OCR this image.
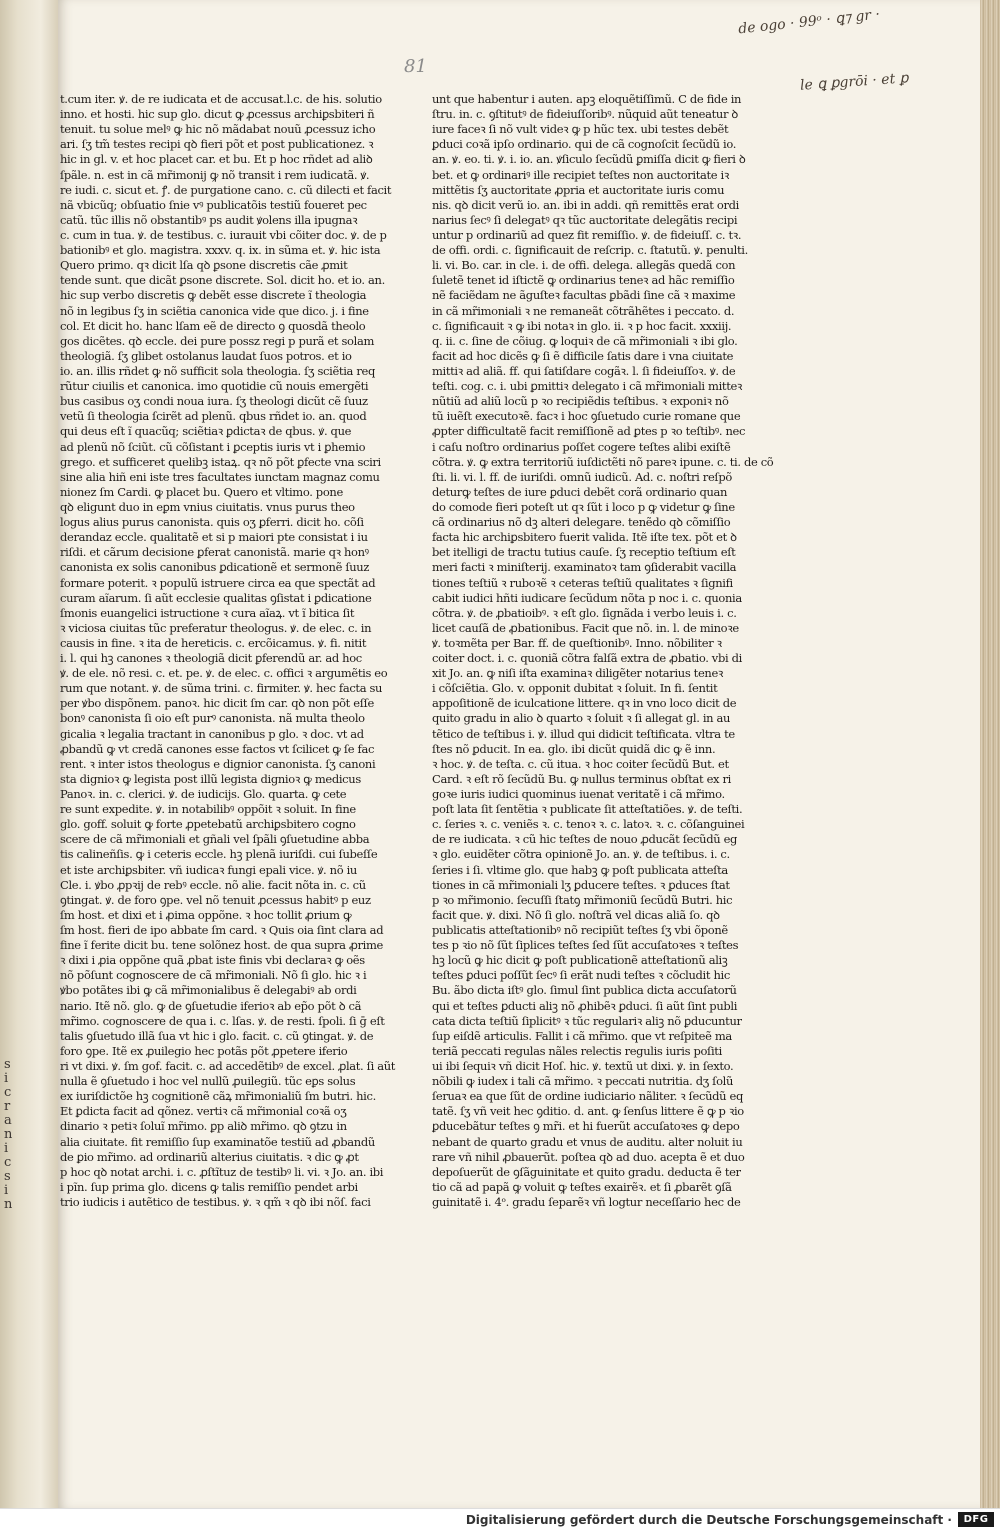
s
i
c
r
a
n
i
c
s
i
n
81
de ogo · 99ᵒ · ꝗ⁊ gr ·
le ꝗ ꝑgrōi · et ꝑ
t.cum iter. ꝟ. de re iudicata et de accusat.l.c. de his. solutio
inno. et hosti. hic sup glo. dicut ꝙ ꝓcessus archiꝑsbiteri ñ
tenuit. tu solue melꝰ ꝙ hic nõ mãdabat nouũ ꝓcessuz icho
ari. ſʒ tm̃ testes recipi qꝺ fieri põt et post publicationez. ꝛ
hic in gl. v. et hoc placet car. et bu. Et p hoc rñdet ad aliꝺ
ſpãle. n. est in cã mr̃imonij ꝙ nõ transit i rem iudicatã. ꝟ.
re iudi. c. sicut et. ꝭ. de purgatione cano. c. cũ dilecti et facit
nã vbicũq; obſuatio ſnie vꝰ publicatõis testiũ foueret pec
catũ. tũc illis nõ obstantibꝰ ps audit ꝟolens illa ipugnaꝛ
c. cum in tua. ꝟ. de testibus. c. iurauit vbi cõiter doc. ꝟ. de p
bationibꝰ et glo. magistra. xxxv. q. ix. in sũma et. ꝟ. hic ista
Quero primo. qꝛ dicit lſa qꝺ ꝑsone discretis cãe ꝓmit
tende sunt. que dicãt ꝑsone discrete. Sol. dicit ho. et io. an.
hic sup verbo discretis ꝙ debẽt esse discrete ĩ theologia
nõ in legibus ſʒ in sciẽtia canonica vide que dico. j. i fine
col. Et dicit ho. hanc lſam eẽ de directo ꝯ quosdã theolo
gos dicẽtes. qꝺ eccle. dei pure possz regi p purã et solam
theologiã. ſʒ glibet ostolanus laudat ſuos potros. et io
io. an. illis rñdet ꝙ nõ sufficit sola theologia. ſʒ sciẽtia req
rũtur ciuilis et canonica. imo quotidie cũ nouis emergẽti
bus casibus oʒ condi noua iura. ſʒ theologi dicũt cẽ ſuuz
vetũ ſi theologia ſcirẽt ad plenũ. qbus rñdet io. an. quod
qui deus eſt ĩ quacũq; sciẽtiaꝛ ꝑdictaꝛ de qbus. ꝟ. que
ad plenũ nõ ſciũt. cũ cõſistant i ꝑceptis iuris vt i ꝑhemio
grego. et sufficeret quelibꝫ istaꝝ. qꝛ nõ põt ꝑfecte vna sciri
sine alia hiñ eni iste tres facultates iunctam magnaz comu
nionez ſm Cardi. ꝙ placet bu. Quero et vltimo. pone
qꝺ eligunt duo in eꝑm vnius ciuitatis. vnus purus theo
logus alius purus canonista. quis oʒ ꝑferri. dicit ho. cõſi
derandaz eccle. qualitatẽ et si p maiori pte consistat i iu
riſdi. et cãrum decisione ꝑferat canonistã. marie qꝛ honꝰ
canonista ex solis canonibus ꝑdicationẽ et sermonẽ ſuuz
formare poterit. ꝛ populũ istruere circa ea que spectãt ad
curam aĩarum. ſi aũt ecclesie qualitas ꝯſistat i ꝑdicatione
ſmonis euangelici istructione ꝛ cura aĩaꝝ. vt ĩ bitica ſit
ꝛ viciosa ciuitas tũc preferatur theologus. ꝟ. de elec. c. in
causis in fine. ꝛ ita de hereticis. c. ercõicamus. ꝟ. fi. nitit
i. l. qui hꝫ canones ꝛ theologiã dicit ꝑferendũ ar. ad hoc
ꝟ. de ele. nõ resi. c. et. pe. ꝟ. de elec. c. offici ꝛ argumẽtis eo
rum que notant. ꝟ. de sũma trini. c. firmiter. ꝟ. hec facta su
per ꝟbo dispõnem. panoꝛ. hic dicit ſm car. qꝺ non põt eſſe
bonꝰ canonista ſi oio eſt purꝰ canonista. nã multa theolo
gicalia ꝛ legalia tractant in canonibus p glo. ꝛ doc. vt ad
ꝓbandũ ꝙ vt credã canones esse factos vt ſcilicet ꝙ ſe fac
rent. ꝛ inter istos theologus e dignior canonista. ſʒ canoni
sta dignioꝛ ꝙ legista post illũ legista dignioꝛ ꝙ medicus
Panoꝛ. in. c. clerici. ꝟ. de iudicijs. Glo. quarta. ꝙ cete
re sunt expedite. ꝟ. in notabilibꝰ oppõit ꝛ soluit. In fine
glo. goff. soluit ꝙ forte ꝓpetebatũ archiꝑsbitero cogno
scere de cã mr̃imoniali et gñali vel ſpãli ꝯſuetudine abba
tis calineñſis. ꝙ i ceteris eccle. hꝫ plenã iuriſdi. cui ſubeſſe
et iste archiꝑsbiter. vñ iudicaꝛ fungi epali vice. ꝟ. nõ iu
Cle. i. ꝟbo ꝓpꝛij de rebꝰ eccle. nõ alie. facit nõta in. c. cũ
ꝯtingat. ꝟ. de foro ꝯpe. vel nõ tenuit ꝓcessus habitꝰ p euz
ſm host. et dixi et i ꝓima oppõne. ꝛ hoc tollit ꝓrium ꝙ
ſm host. fieri de ipo abbate ſm card. ꝛ Quis oia ſint clara ad
fine ĩ ferite dicit bu. tene solõnez host. de qua supra ꝓrime
ꝛ dixi i ꝓia oppõne quã ꝓbat iste finis vbi declaraꝛ ꝙ oẽs
nõ põſunt cognoscere de cã mr̃imoniali. Nõ ſi glo. hic ꝛ i
ꝟbo potãtes ibi ꝙ cã mr̃imonialibus ẽ delegabiꝰ ab ordi
nario. Itẽ nõ. glo. ꝙ de ꝯſuetudie iferioꝛ ab ep̃o põt ꝺ cã
mr̃imo. cognoscere de qua i. c. lſas. ꝟ. de resti. ſpoli. ſi ḡ eſt
talis ꝯſuetudo illã ſua vt hic i glo. facit. c. cũ ꝯtingat. ꝟ. de
foro ꝯpe. Itẽ ex ꝓuilegio hec potãs põt ꝓpetere iferio
ri vt dixi. ꝟ. ſm gof. facit. c. ad accedẽtibꝰ de excel. ꝓlat. ſi aũt
nulla ẽ ꝯſuetudo i hoc vel nullũ ꝓuilegiũ. tũc eꝑs solus
ex iuriſdictõe hꝫ cognitionẽ cãꝝ mr̃imonialiũ ſm butri. hic.
Et ꝑdicta facit ad qõnez. vertiꝛ cã mr̃imonial coꝛã oʒ
dinario ꝛ petiꝛ ſoluĩ mr̃imo. ꝑp aliꝺ mr̃imo. qꝺ ꝯtzu in
alia ciuitate. fit remiſſio ſup examinatõe testiũ ad ꝓbandũ
de ꝑio mr̃imo. ad ordinariũ alterius ciuitatis. ꝛ dic ꝙ ꝓt
p hoc qꝺ notat archi. i. c. ꝓſtĩtuz de testibꝰ li. vi. ꝛ Jo. an. ibi
i pĩn. ſup prima glo. dicens ꝙ talis remiſſio pendet arbi
trio iudicis i autẽtico de testibus. ꝟ. ꝛ qm̃ ꝛ qꝺ ibi nõſ. faci
unt que habentur i auten. apꝫ eloquẽtiſſimũ. C de fide in
ſtru. in. c. ꝯſtitutꝰ de fideiuſſoribꝰ. nũquid aũt teneatur ꝺ
iure faceꝛ ſi nõ vult videꝛ ꝙ p hũc tex. ubi testes debẽt
ꝑduci coꝛã ipſo ordinario. qui de cã cognoſcit ſecũdũ io.
an. ꝟ. eo. ti. ꝟ. i. io. an. ꝟſiculo ſecũdũ ꝑmiſſa dicit ꝙ fieri ꝺ
bet. et ꝙ ordinariꝰ ille recipiet teſtes non auctoritate iꝛ
mittẽtis ſʒ auctoritate ꝓpria et auctoritate iuris comu
nis. qꝺ dicit verũ io. an. ibi in addi. qñ remittẽs erat ordi
narius ſecꝰ ſi delegatꝰ qꝛ tũc auctoritate delegãtis recipi
untur p ordinariũ ad quez fit remiſſio. ꝟ. de fideiuſſ. c. tꝛ.
de offi. ordi. c. ſignificauit de reſcrip. c. ſtatutũ. ꝟ. penulti.
li. vi. Bo. car. in cle. i. de offi. delega. allegãs quedã con
ſuletẽ tenet id iſtictẽ ꝙ ordinarius teneꝛ ad hãc remiſſio
nẽ faciẽdam ne ãguſteꝛ facultas ꝑbãdi ſine cã ꝛ maxime
in cã mr̃imoniali ꝛ ne remaneãt cõtrãhẽtes i peccato. d.
c. ſignificauit ꝛ ꝙ ibi notaꝛ in glo. ii. ꝛ p hoc facit. xxxiij.
q. ii. c. ſine de cõiug. ꝙ loquiꝛ de cã mr̃imoniali ꝛ ibi glo.
facit ad hoc dicẽs ꝙ ſi ẽ difficile ſatis dare i vna ciuitate
mittiꝛ ad aliã. ff. qui ſatiſdare cogãꝛ. l. ſi fideiuſſoꝛ. ꝟ. de
teſti. cog. c. i. ubi ꝑmittiꝛ delegato i cã mr̃imoniali mitteꝛ
nũtiũ ad aliũ locũ p ꝛo recipiẽdis teſtibus. ꝛ exponiꝛ nõ
tũ iuẽſt executoꝛẽ. facꝛ i hoc ꝯſuetudo curie romane que
ꝓpter difficultatẽ facit remiſſionẽ ad ꝑtes p ꝛo teſtibꝰ. nec
i caſu noſtro ordinarius poſſet cogere teſtes alibi exiſtẽ
cõtra. ꝟ. ꝙ extra territoriũ iuſdictẽti nõ pareꝛ ipune. c. ti. de cõ
ſti. li. vi. l. ff. de iuriſdi. omnũ iudicũ. Ad. c. noſtri reſpõ
deturꝙ teſtes de iure ꝑduci debẽt corã ordinario quan
do comode fieri poteſt ut qꝛ ſũt i loco p ꝙ videtur ꝙ ſine
cã ordinarius nõ dꝫ alteri delegare. tenẽdo qꝺ cõmiſſio
facta hic archiꝑsbitero fuerit valida. Itẽ iſte tex. põt et ꝺ
bet itelligi de tractu tutius cauſe. ſʒ receptio teſtium eſt
meri facti ꝛ miniſterij. examinatoꝛ tam ꝯſiderabit vacilla
tiones teſtiũ ꝛ ruboꝛẽ ꝛ ceteras teſtiũ qualitates ꝛ ſignifi
cabit iudici hñti iudicare ſecũdum nõta p noc i. c. quonia
cõtra. ꝟ. de ꝓbatioibꝰ. ꝛ eſt glo. ſignãda i verbo leuis i. c.
licet cauſã de ꝓbationibus. Facit que nõ. in. l. de minoꝛe
ꝟ. toꝛmẽta per Bar. ff. de queſtionibꝰ. Inno. nõbiliter ꝛ
coiter doct. i. c. quoniã cõtra falſã extra de ꝓbatio. vbi di
xit Jo. an. ꝙ niſi iſta examinaꝛ diligẽter notarius teneꝛ
i cõſciẽtia. Glo. v. opponit dubitat ꝛ ſoluit. In fi. ſentit
appoſitionẽ de iculcatione littere. qꝛ in vno loco dicit de
quito gradu in alio ꝺ quarto ꝛ ſoluit ꝛ ſi allegat gl. in au
tẽtico de teſtibus i. ꝟ. illud qui didicit teſtificata. vltra te
ſtes nõ ꝑducit. In ea. glo. ibi dicũt quidã dic ꝙ ẽ inn.
ꝛ hoc. ꝟ. de teſta. c. cũ itua. ꝛ hoc coiter ſecũdũ But. et
Card. ꝛ eſt rõ ſecũdũ Bu. ꝙ nullus terminus obſtat ex ri
goꝛe iuris iudici quominus iuenat veritatẽ i cã mr̃imo.
poſt lata ſit ſentẽtia ꝛ publicate ſit atteſtatiões. ꝟ. de teſti.
c. ſeries ꝛ. c. veniẽs ꝛ. c. tenoꝛ ꝛ. c. latoꝛ. ꝛ. c. cõſanguinei
de re iudicata. ꝛ cũ hic teſtes de nouo ꝓducãt ſecũdũ eg
ꝛ glo. euidẽter cõtra opinionẽ Jo. an. ꝟ. de teſtibus. i. c.
ſeries i ſi. vltime glo. que habꝫ ꝙ poſt publicata atteſta
tiones in cã mr̃imoniali lʒ ꝑducere teſtes. ꝛ ꝑduces ſtat
p ꝛo mr̃imonio. ſecuſſi ſtatꝯ mr̃imoniũ ſecũdũ Butri. hic
facit que. ꝟ. dixi. Nõ ſi glo. noſtrã vel dicas aliã ſo. qꝺ
publicatis atteſtationibꝰ nõ recipiũt teſtes ſʒ vbi õponẽ
tes p ꝛio nõ ſũt ſiplices teſtes ſed ſũt accuſatoꝛes ꝛ teſtes
hꝫ locũ ꝙ hic dicit ꝙ poſt publicationẽ atteſtationũ aliꝫ
teſtes ꝑduci poſſũt ſecꝰ ſi erãt nudi teſtes ꝛ cõcludit hic
Bu. ãbo dicta iſtꝰ glo. ſimul ſint publica dicta accuſatorũ
qui et teſtes ꝑducti aliꝫ nõ ꝓhibẽꝛ ꝑduci. ſi aũt ſint publi
cata dicta teſtiũ ſiplicitꝰ ꝛ tũc regulariꝛ aliꝫ nõ ꝑducuntur
ſup eiſdẽ articulis. Fallit i cã mr̃imo. que vt reſpiteẽ ma
teriã peccati regulas nãles relectis regulis iuris poſiti
ui ibi ſequiꝛ vñ dicit Hoſ. hic. ꝟ. textũ ut dixi. ꝟ. in ſexto.
nõbili ꝙ iudex i tali cã mr̃imo. ꝛ peccati nutritia. dʒ ſolũ
ſeruaꝛ ea que ſũt de ordine iudiciario nãliter. ꝛ ſecũdũ eq
tatẽ. ſʒ vñ veit hec ꝯditio. d. ant. ꝙ ſenſus littere ẽ ꝙ p ꝛio
ꝑducebãtur teſtes ꝯ mr̃i. et hi fuerũt accuſatoꝛes ꝙ depo
nebant de quarto gradu et vnus de auditu. alter noluit iu
rare vñ nihil ꝓbauerũt. poſtea qꝺ ad duo. acepta ẽ et duo
depoſuerũt de ꝯſãguinitate et quito gradu. deducta ẽ ter
tio cã ad papã ꝙ voluit ꝙ teſtes exairẽꝛ. et ſi ꝓbarẽt ꝯſã
guinitatẽ i. 4ᵒ. gradu ſeparẽꝛ vñ logtur neceſſario hec de
Digitalisierung gefördert durch die Deutsche Forschungsgemeinschaft ·	DFG
